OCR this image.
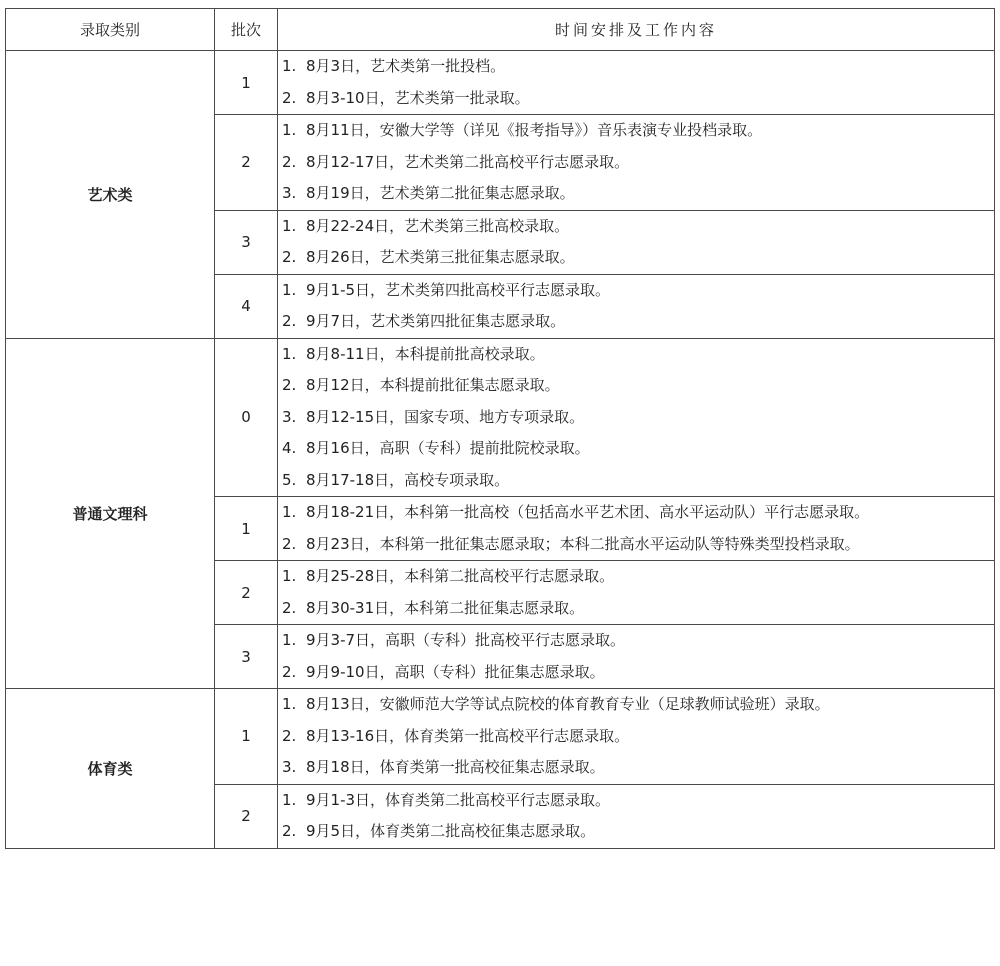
录取类别	批次	时间安排及工作内容
艺术类	1	1. 8月3日，艺术类第一批投档。
2. 8月3-10日，艺术类第一批录取。

	2	1. 8月11日，安徽大学等（详见《报考指导》）音乐表演专业投档录取。
2. 8月12-17日，艺术类第二批高校平行志愿录取。
3. 8月19日，艺术类第二批征集志愿录取。

	3	1. 8月22-24日，艺术类第三批高校录取。
2. 8月26日，艺术类第三批征集志愿录取。

	4	1. 9月1-5日，艺术类第四批高校平行志愿录取。
2. 9月7日，艺术类第四批征集志愿录取。

普通文理科	0	1. 8月8-11日，本科提前批高校录取。
2. 8月12日，本科提前批征集志愿录取。
3. 8月12-15日，国家专项、地方专项录取。
4. 8月16日，高职（专科）提前批院校录取。
5. 8月17-18日，高校专项录取。

	1	1. 8月18-21日，本科第一批高校（包括高水平艺术团、高水平运动队）平行志愿录取。
2. 8月23日，本科第一批征集志愿录取；本科二批高水平运动队等特殊类型投档录取。

	2	1. 8月25-28日，本科第二批高校平行志愿录取。
2. 8月30-31日，本科第二批征集志愿录取。

	3	1. 9月3-7日，高职（专科）批高校平行志愿录取。
2. 9月9-10日，高职（专科）批征集志愿录取。

体育类	1	1. 8月13日，安徽师范大学等试点院校的体育教育专业（足球教师试验班）录取。
2. 8月13-16日，体育类第一批高校平行志愿录取。
3. 8月18日，体育类第一批高校征集志愿录取。

	2	1. 9月1-3日，体育类第二批高校平行志愿录取。
2. 9月5日，体育类第二批高校征集志愿录取。
